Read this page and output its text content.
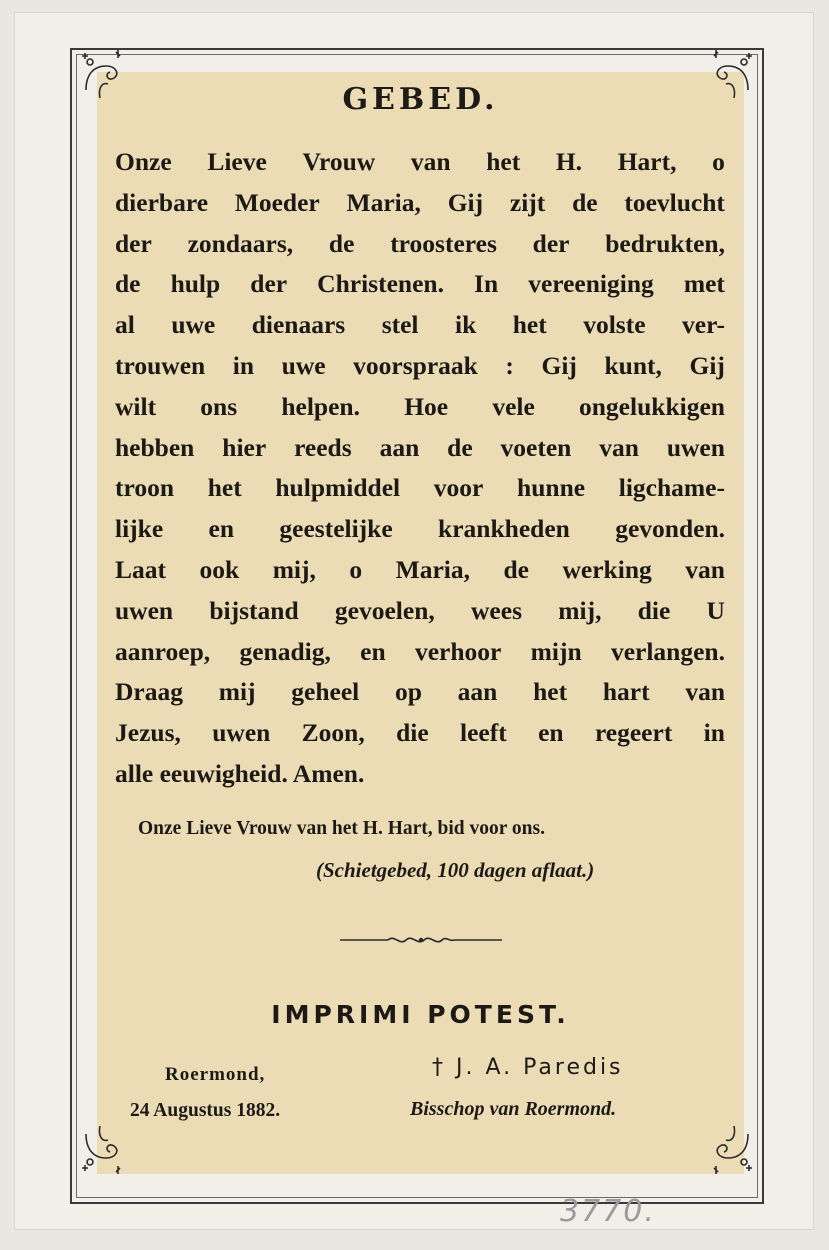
GEBED.
Onze Lieve Vrouw van het H. Hart, o
dierbare Moeder Maria, Gij zijt de toevlucht
der zondaars, de troosteres der bedrukten,
de hulp der Christenen. In vereeniging met
al uwe dienaars stel ik het volste ver-
trouwen in uwe voorspraak : Gij kunt, Gij
wilt ons helpen. Hoe vele ongelukkigen
hebben hier reeds aan de voeten van uwen
troon het hulpmiddel voor hunne ligchame-
lijke en geestelijke krankheden gevonden.
Laat ook mij, o Maria, de werking van
uwen bijstand gevoelen, wees mij, die U
aanroep, genadig, en verhoor mijn verlangen.
Draag mij geheel op aan het hart van
Jezus, uwen Zoon, die leeft en regeert in
alle eeuwigheid. Amen.
Onze Lieve Vrouw van het H. Hart, bid voor ons.
(Schietgebed, 100 dagen aflaat.)
IMPRIMI POTEST.
Roermond,
24 Augustus 1882.
† J. A. Paredis
Bisschop van Roermond.
3770.
